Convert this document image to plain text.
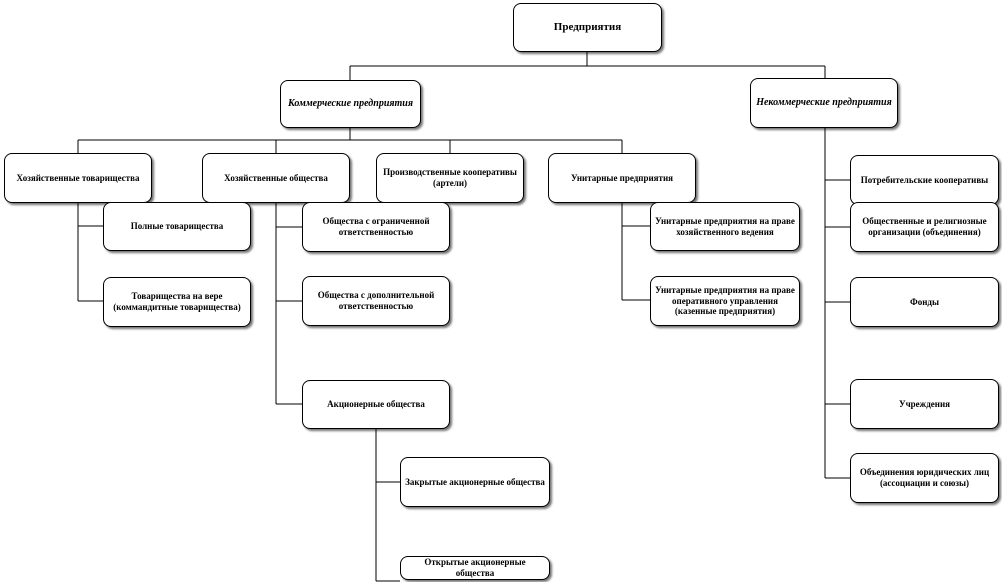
Предприятия
Коммерческие предприятия	Некоммерческие предприятия
Хозяйственные товарищества	Хозяйственные общества
Производственные кооперативы (артели)
Унитарные предприятия
Полные товарищества
Товарищества на вере (коммандитные товарищества)
Общества с ограниченной ответственностью
Общества с дополнительной ответственностью
Акционерные общества
Закрытые акционерные общества
Открытые акционерные общества
Унитарные предприятия на праве хозяйственного ведения
Унитарные предприятия на праве оперативного управления (казенные предприятия)
Потребительские кооперативы
Общественные и религиозные организации (объединения)
Фонды
Учреждения
Объединения юридических лиц (ассоциации и союзы)
